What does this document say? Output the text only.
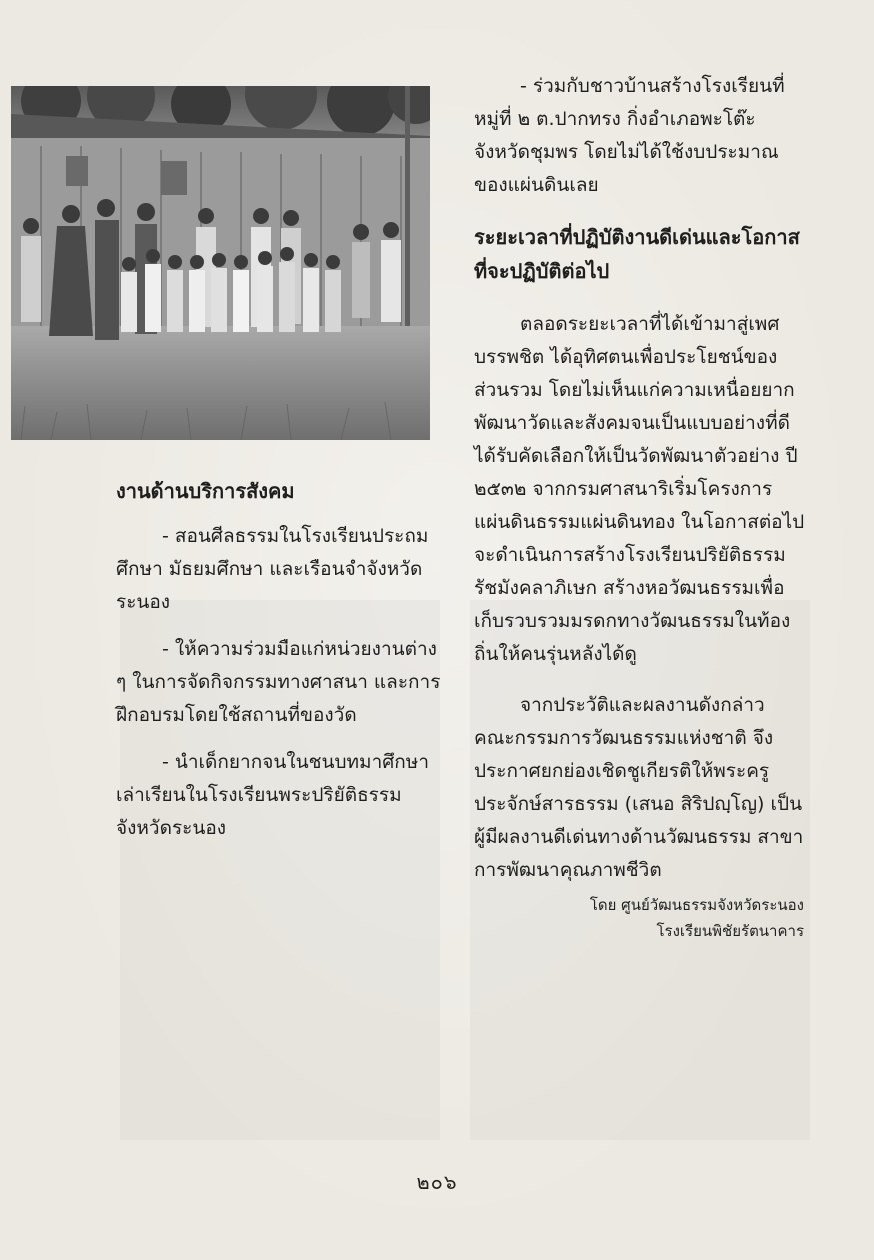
- ร่วมกับชาวบ้านสร้างโรงเรียนที่หมู่ที่ ๒ ต.ปากทรง กิ่งอำเภอพะโต๊ะ จังหวัดชุมพร โดยไม่ได้ใช้งบประมาณของแผ่นดินเลย

ระยะเวลาที่ปฏิบัติงานดีเด่นและโอกาสที่จะปฏิบัติต่อไป

ตลอดระยะเวลาที่ได้เข้ามาสู่เพศบรรพชิต ได้อุทิศตนเพื่อประโยชน์ของส่วนรวม โดยไม่เห็นแก่ความเหนื่อยยาก พัฒนาวัดและสังคมจนเป็นแบบอย่างที่ดี ได้รับคัดเลือกให้เป็นวัดพัฒนาตัวอย่าง ปี ๒๕๓๒ จากกรมศาสนาริเริ่มโครงการแผ่นดินธรรมแผ่นดินทอง ในโอกาสต่อไปจะดำเนินการสร้างโรงเรียนปริยัติธรรมรัชมังคลาภิเษก สร้างหอวัฒนธรรมเพื่อเก็บรวบรวมมรดกทางวัฒนธรรมในท้องถิ่นให้คนรุ่นหลังได้ดู

จากประวัติและผลงานดังกล่าว คณะกรรมการวัฒนธรรมแห่งชาติ จึงประกาศยกย่องเชิดชูเกียรติให้พระครูประจักษ์สารธรรม (เสนอ สิริปญฺโญ) เป็นผู้มีผลงานดีเด่นทางด้านวัฒนธรรม สาขาการพัฒนาคุณภาพชีวิต

งานด้านบริการสังคม

- สอนศีลธรรมในโรงเรียนประถมศึกษา มัธยมศึกษา และเรือนจำจังหวัดระนอง

- ให้ความร่วมมือแก่หน่วยงานต่าง ๆ ในการจัดกิจกรรมทางศาสนา และการฝึกอบรมโดยใช้สถานที่ของวัด

- นำเด็กยากจนในชนบทมาศึกษาเล่าเรียนในโรงเรียนพระปริยัติธรรมจังหวัดระนอง

โดย ศูนย์วัฒนธรรมจังหวัดระนอง
โรงเรียนพิชัยรัตนาคาร
๒๐๖
